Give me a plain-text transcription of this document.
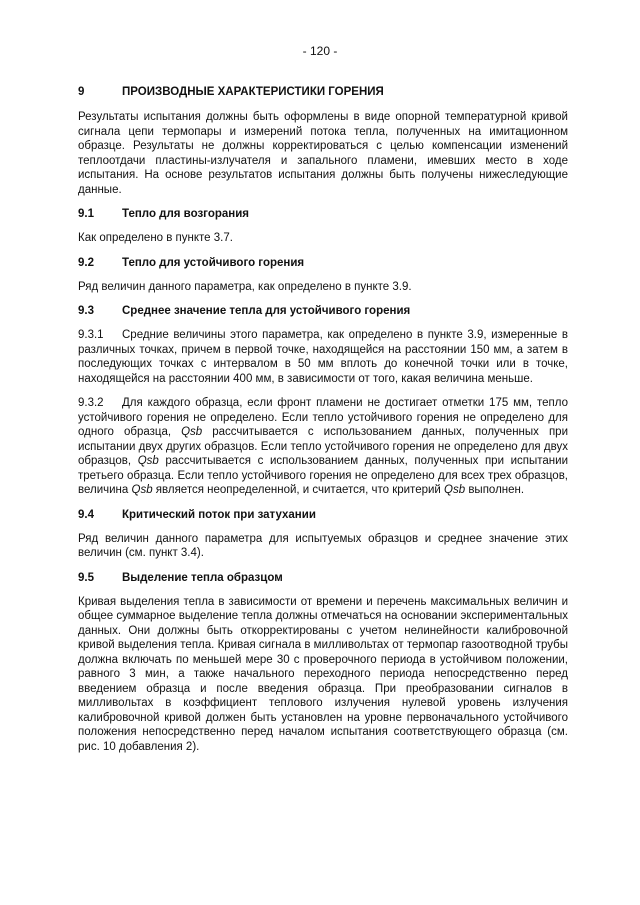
- 120 -
9	ПРОИЗВОДНЫЕ ХАРАКТЕРИСТИКИ ГОРЕНИЯ

Результаты испытания должны быть оформлены в виде опорной температурной кривой сигнала цепи термопары и измерений потока тепла, полученных на имитационном образце. Результаты не должны корректироваться с целью компенсации изменений теплоотдачи пластины-излучателя и запального пламени, имевших место в ходе испытания. На основе результатов испытания должны быть получены нижеследующие данные.

9.1	Тепло для возгорания

Как определено в пункте 3.7.

9.2	Тепло для устойчивого горения

Ряд величин данного параметра, как определено в пункте 3.9.

9.3	Среднее значение тепла для устойчивого горения

9.3.1 Средние величины этого параметра, как определено в пункте 3.9, измеренные в различных точках, причем в первой точке, находящейся на расстоянии 150 мм, а затем в последующих точках с интервалом в 50 мм вплоть до конечной точки или в точке, находящейся на расстоянии 400 мм, в зависимости от того, какая величина меньше.

9.3.2 Для каждого образца, если фронт пламени не достигает отметки 175 мм, тепло устойчивого горения не определено. Если тепло устойчивого горения не определено для одного образца, Qsb рассчитывается с использованием данных, полученных при испытании двух других образцов. Если тепло устойчивого горения не определено для двух образцов, Qsb рассчитывается с использованием данных, полученных при испытании третьего образца. Если тепло устойчивого горения не определено для всех трех образцов, величина Qsb является неопределенной, и считается, что критерий Qsb выполнен.

9.4	Критический поток при затухании

Ряд величин данного параметра для испытуемых образцов и среднее значение этих величин (см. пункт 3.4).

9.5	Выделение тепла образцом

Кривая выделения тепла в зависимости от времени и перечень максимальных величин и общее суммарное выделение тепла должны отмечаться на основании экспериментальных данных. Они должны быть откорректированы с учетом нелинейности калибровочной кривой выделения тепла. Кривая сигнала в милливольтах от термопар газоотводной трубы должна включать по меньшей мере 30 с проверочного периода в устойчивом положении, равного 3 мин, а также начального переходного периода непосредственно перед введением образца и после введения образца. При преобразовании сигналов в милливольтах в коэффициент теплового излучения нулевой уровень излучения калибровочной кривой должен быть установлен на уровне первоначального устойчивого положения непосредственно перед началом испытания соответствующего образца (см. рис. 10 добавления 2).
